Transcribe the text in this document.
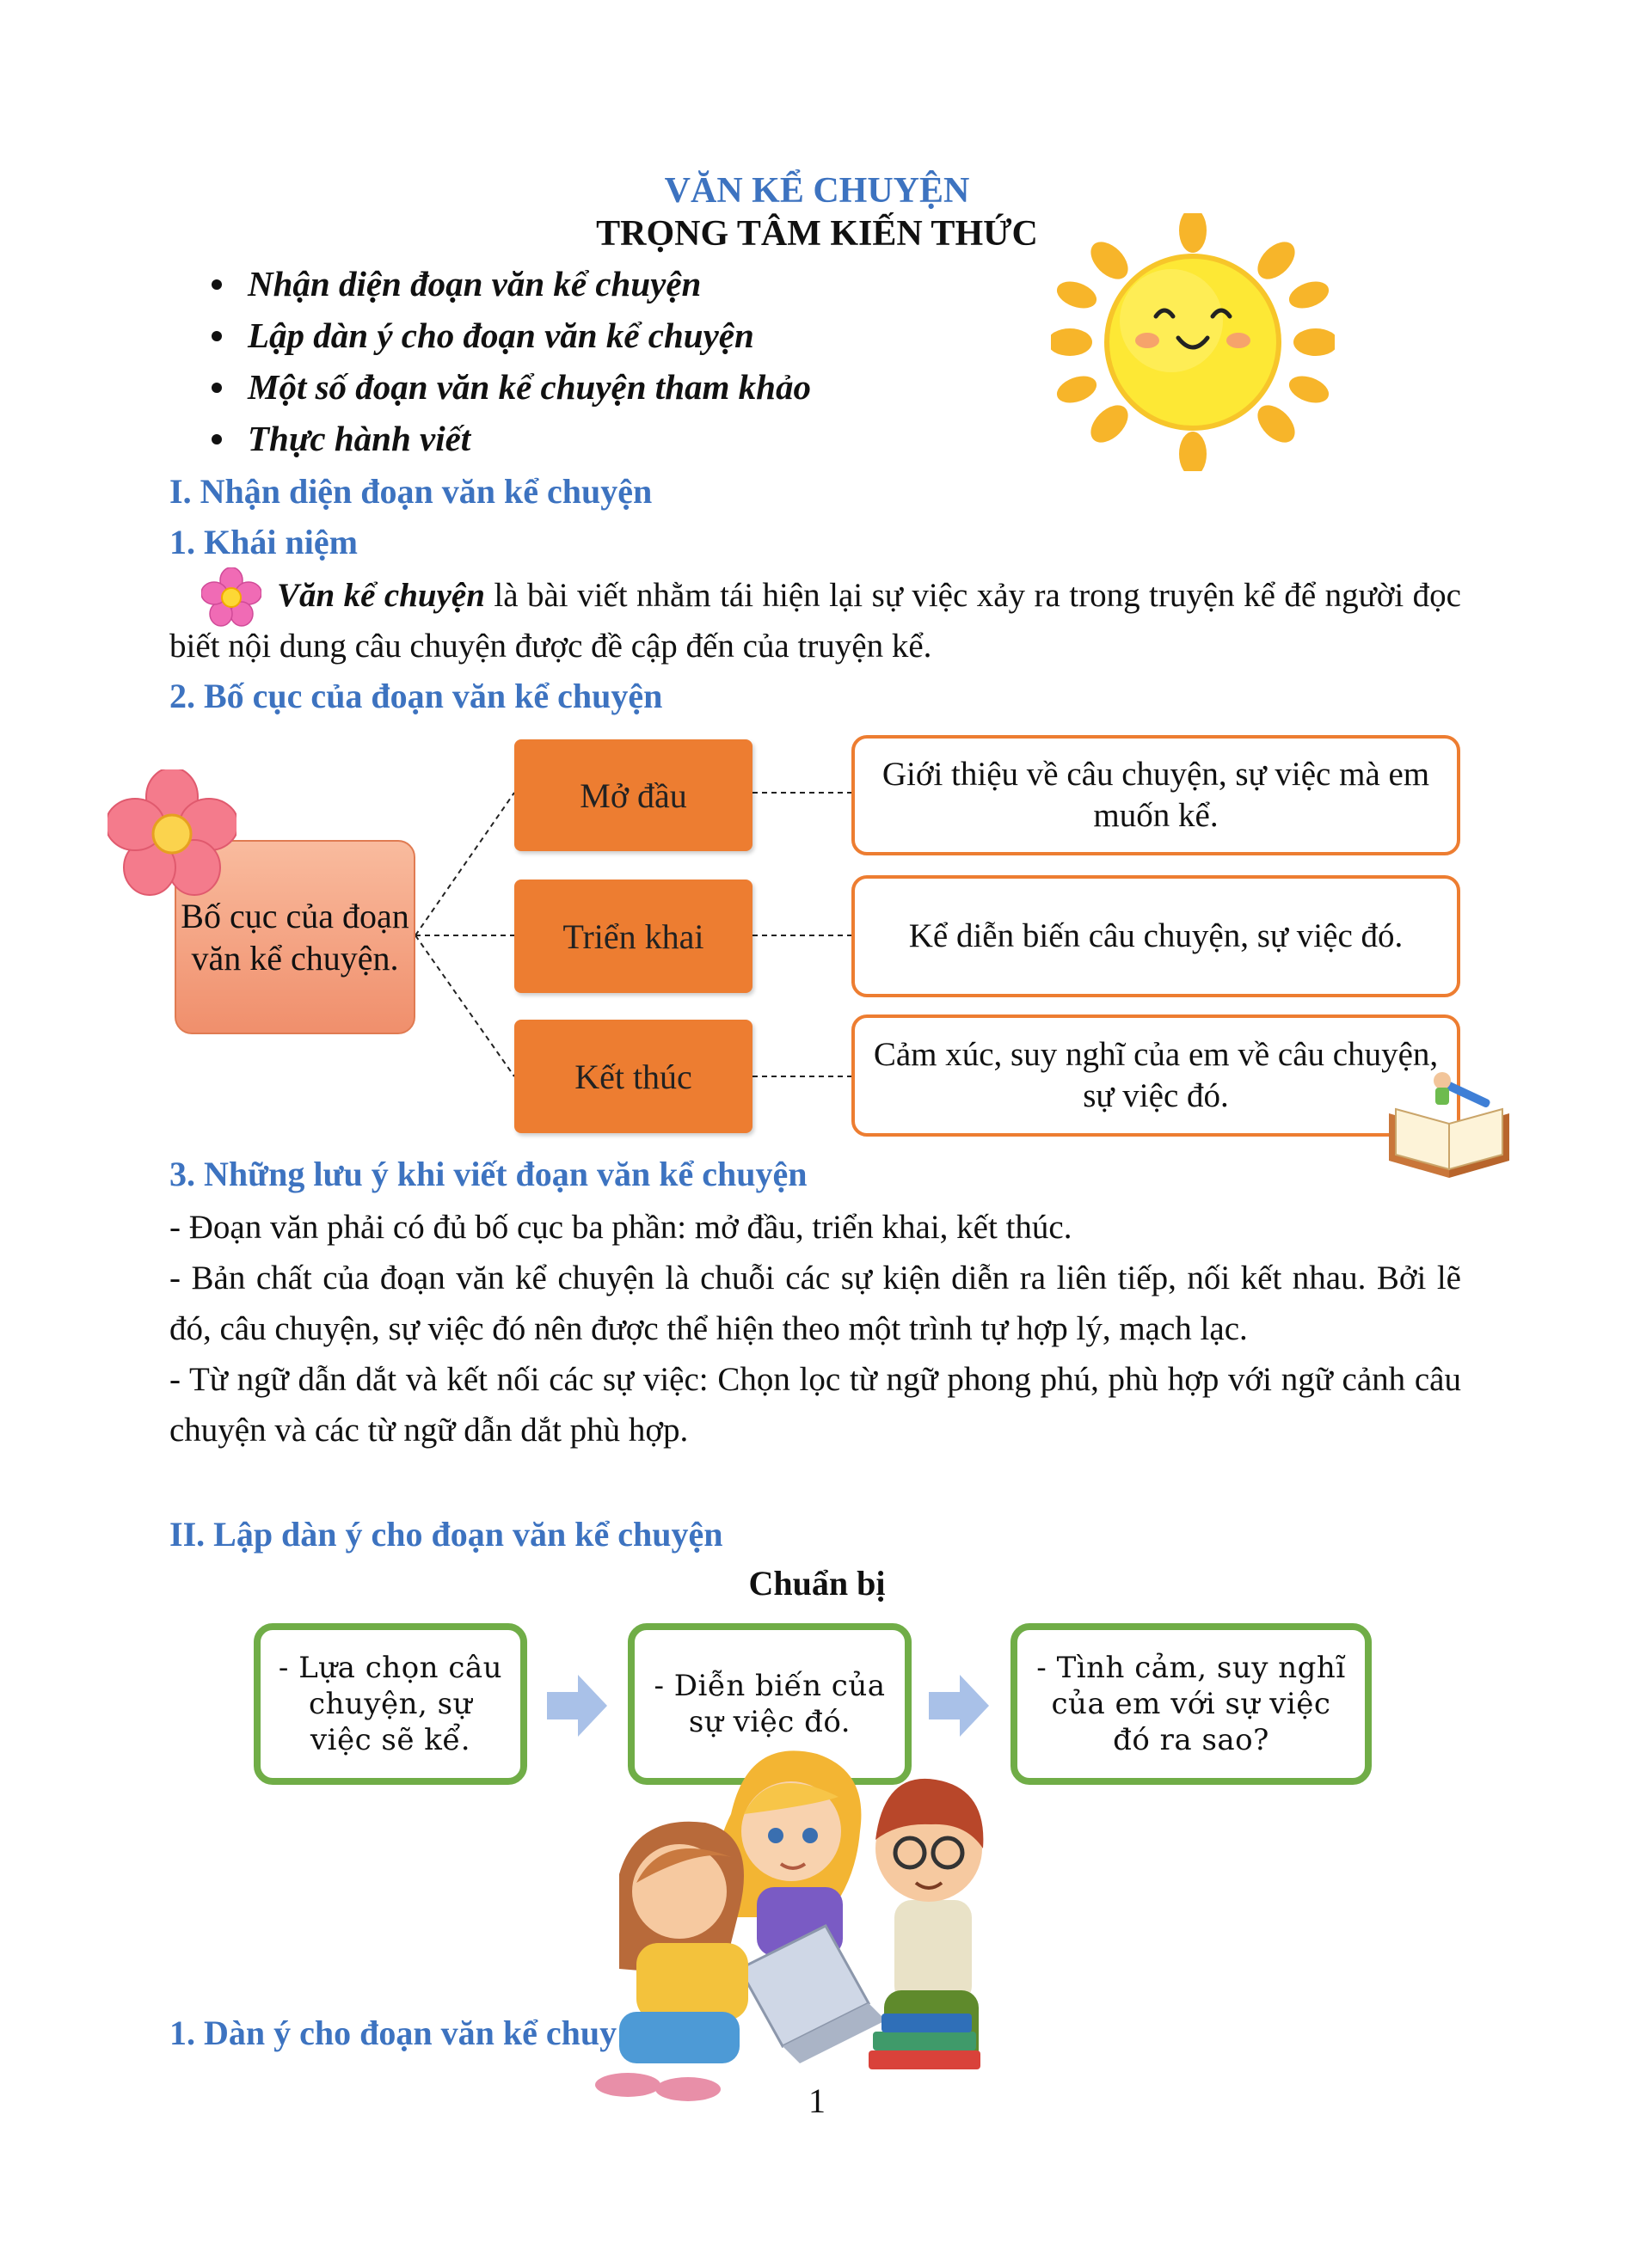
VĂN KỂ CHUYỆN
TRỌNG TÂM KIẾN THỨC
Nhận diện đoạn văn kể chuyện
Lập dàn ý cho đoạn văn kể chuyện
Một số đoạn văn kể chuyện tham khảo
Thực hành viết
I. Nhận diện đoạn văn kể chuyện
1. Khái niệm

Văn kể chuyện là bài viết nhằm tái hiện lại sự việc xảy ra trong truyện kể để người đọc biết nội dung câu chuyện được đề cập đến của truyện kể.

2. Bố cục của đoạn văn kể chuyện
Bố cục của đoạn văn kể chuyện.
Mở đầu
Triển khai
Kết thúc
Giới thiệu về câu chuyện, sự việc mà em muốn kể.
Kể diễn biến câu chuyện, sự việc đó.
Cảm xúc, suy nghĩ của em về câu chuyện, sự việc đó.
3. Những lưu ý khi viết đoạn văn kể chuyện

- Đoạn văn phải có đủ bố cục ba phần: mở đầu, triển khai, kết thúc.

- Bản chất của đoạn văn kể chuyện là chuỗi các sự kiện diễn ra liên tiếp, nối kết nhau. Bởi lẽ đó, câu chuyện, sự việc đó nên được thể hiện theo một trình tự hợp lý, mạch lạc.

- Từ ngữ dẫn dắt và kết nối các sự việc: Chọn lọc từ ngữ phong phú, phù hợp với ngữ cảnh câu chuyện và các từ ngữ dẫn dắt phù hợp.

II. Lập dàn ý cho đoạn văn kể chuyện
Chuẩn bị
- Lựa chọn câu chuyện, sự việc sẽ kể.
- Diễn biến của sự việc đó.
- Tình cảm, suy nghĩ của em với sự việc đó ra sao?
1. Dàn ý cho đoạn văn kể chuy
1
